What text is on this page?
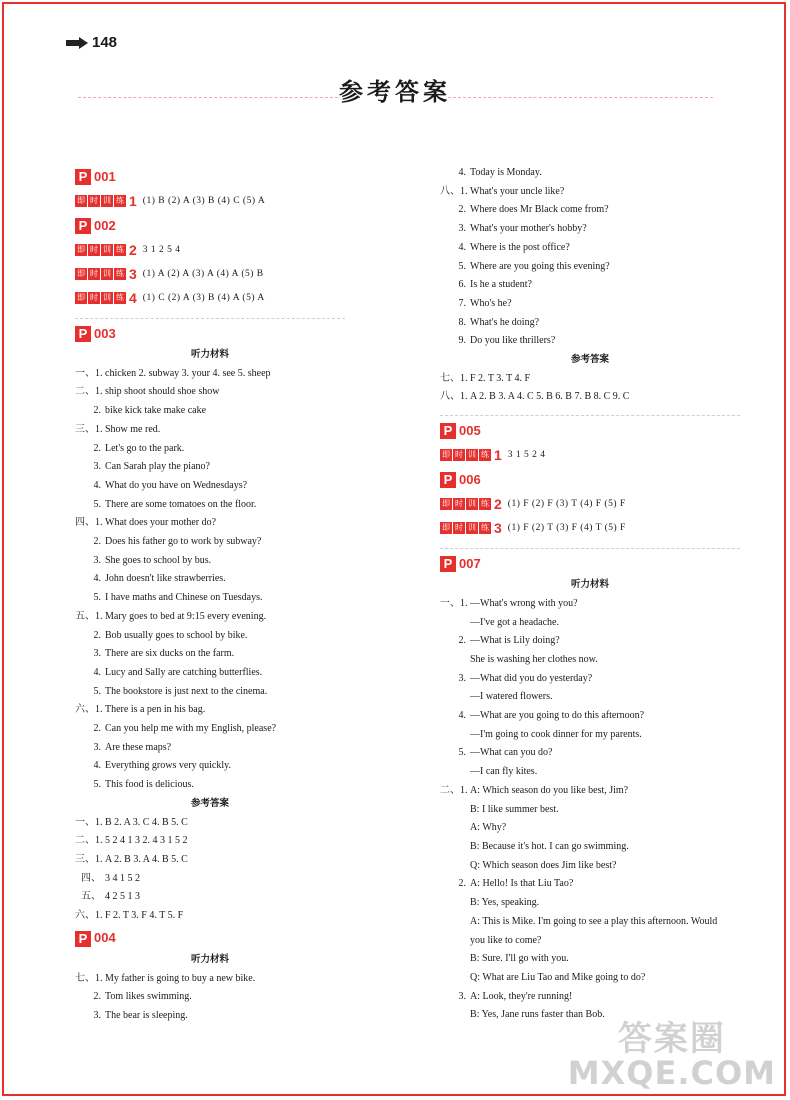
148
参考答案
P 001
即 时 训 练 1 (1) B (2) A (3) B (4) C (5) A
P 002
即 时 训 练 2 3 1 2 5 4
即 时 训 练 3 (1) A (2) A (3) A (4) A (5) B
即 时 训 练 4 (1) C (2) A (3) B (4) A (5) A
P 003
听力材料
一、1. chicken 2. subway 3. your 4. see 5. sheep
二、1. ship shoot should shoe show
2. bike kick take make cake
三、1. Show me red.
2. Let's go to the park.
3. Can Sarah play the piano?
4. What do you have on Wednesdays?
5. There are some tomatoes on the floor.
四、1. What does your mother do?
2. Does his father go to work by subway?
3. She goes to school by bus.
4. John doesn't like strawberries.
5. I have maths and Chinese on Tuesdays.
五、1. Mary goes to bed at 9:15 every evening.
2. Bob usually goes to school by bike.
3. There are six ducks on the farm.
4. Lucy and Sally are catching butterflies.
5. The bookstore is just next to the cinema.
六、1. There is a pen in his bag.
2. Can you help me with my English, please?
3. Are these maps?
4. Everything grows very quickly.
5. This food is delicious.
参考答案
一、1. B 2. A 3. C 4. B 5. C
二、1. 5 2 4 1 3 2. 4 3 1 5 2
三、1. A 2. B 3. A 4. B 5. C
四、 3 4 1 5 2
五、 4 2 5 1 3
六、1. F 2. T 3. F 4. T 5. F
P 004
听力材料
七、1. My father is going to buy a new bike.
2. Tom likes swimming.
3. The bear is sleeping.
4. Today is Monday.
八、1. What's your uncle like?
2. Where does Mr Black come from?
3. What's your mother's hobby?
4. Where is the post office?
5. Where are you going this evening?
6. Is he a student?
7. Who's he?
8. What's he doing?
9. Do you like thrillers?
参考答案
七、1. F 2. T 3. T 4. F
八、1. A 2. B 3. A 4. C 5. B 6. B 7. B 8. C 9. C
P 005
即 时 训 练 1 3 1 5 2 4
P 006
即 时 训 练 2 (1) F (2) F (3) T (4) F (5) F
即 时 训 练 3 (1) F (2) T (3) F (4) T (5) F
P 007
听力材料
一、1. —What's wrong with you?
—I've got a headache.
2. —What is Lily doing?
She is washing her clothes now.
3. —What did you do yesterday?
—I watered flowers.
4. —What are you going to do this afternoon?
—I'm going to cook dinner for my parents.
5. —What can you do?
—I can fly kites.
二、1. A: Which season do you like best, Jim?
B: I like summer best.
A: Why?
B: Because it's hot. I can go swimming.
Q: Which season does Jim like best?
2. A: Hello! Is that Liu Tao?
B: Yes, speaking.
A: This is Mike. I'm going to see a play this afternoon. Would
you like to come?
B: Sure. I'll go with you.
Q: What are Liu Tao and Mike going to do?
3. A: Look, they're running!
B: Yes, Jane runs faster than Bob.
答案圈
MXQE.COM
